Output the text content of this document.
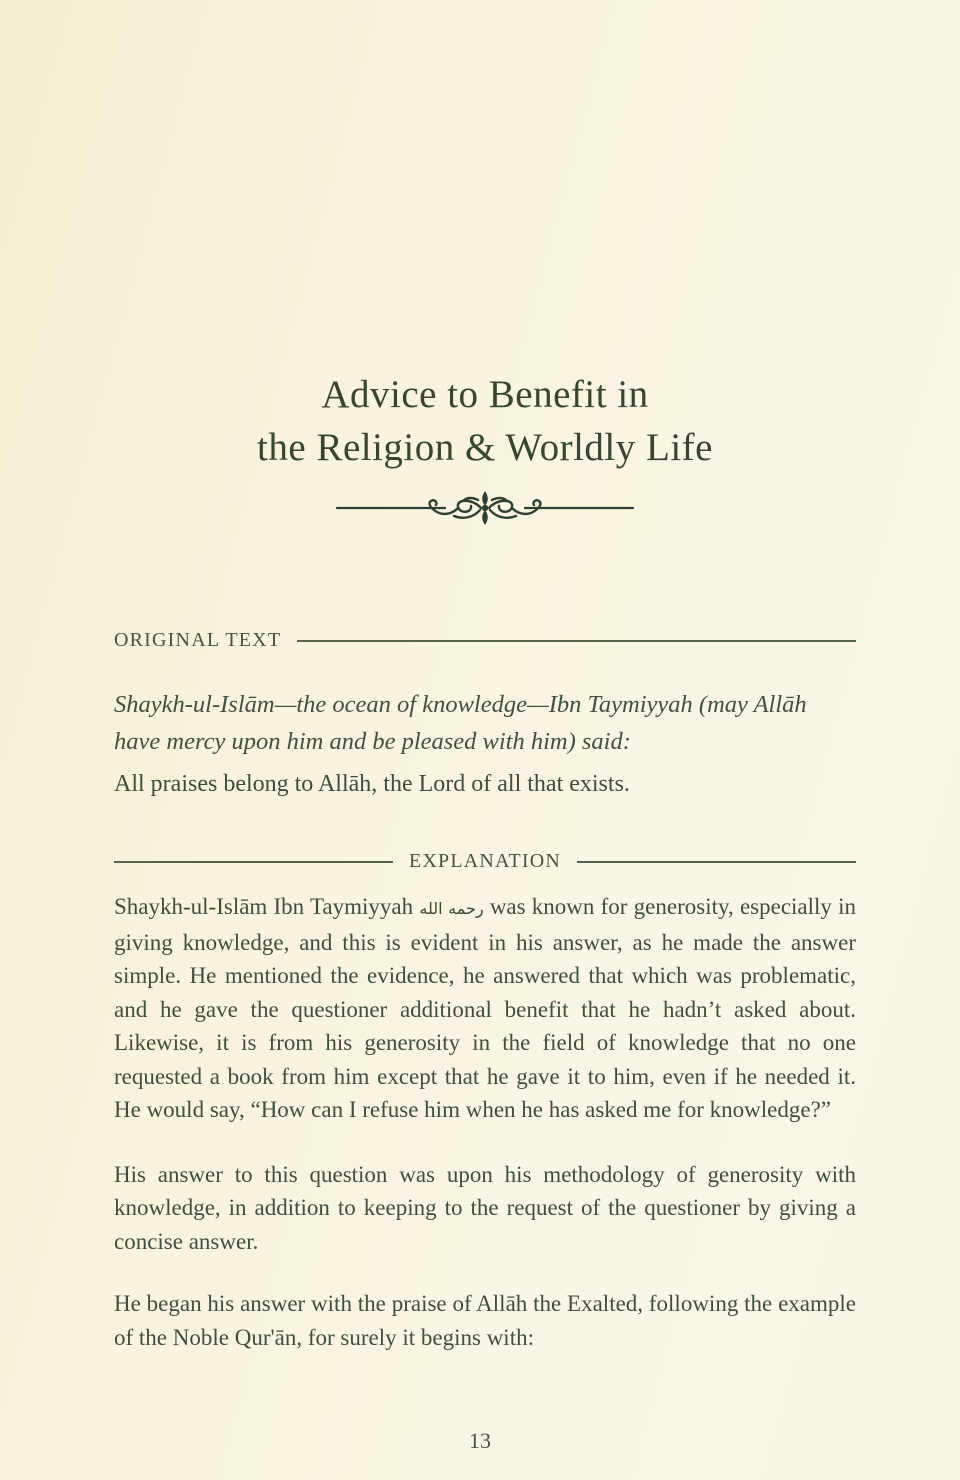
Advice to Benefit in
the Religion & Worldly Life
ORIGINAL TEXT

Shaykh-ul-Islām—the ocean of knowledge—Ibn Taymiyyah (may Allāh have mercy upon him and be pleased with him) said:

All praises belong to Allāh, the Lord of all that exists.

EXPLANATION

Shaykh-ul-Islām Ibn Taymiyyah رحمه الله was known for generosity, especially in giving knowledge, and this is evident in his answer, as he made the answer simple. He mentioned the evidence, he answered that which was problematic, and he gave the questioner additional benefit that he hadn’t asked about. Likewise, it is from his generosity in the field of knowledge that no one requested a book from him except that he gave it to him, even if he needed it. He would say, “How can I refuse him when he has asked me for knowledge?”

His answer to this question was upon his methodology of generosity with knowledge, in addition to keeping to the request of the questioner by giving a concise answer.

He began his answer with the praise of Allāh the Exalted, following the example of the Noble Qur'ān, for surely it begins with:

13
